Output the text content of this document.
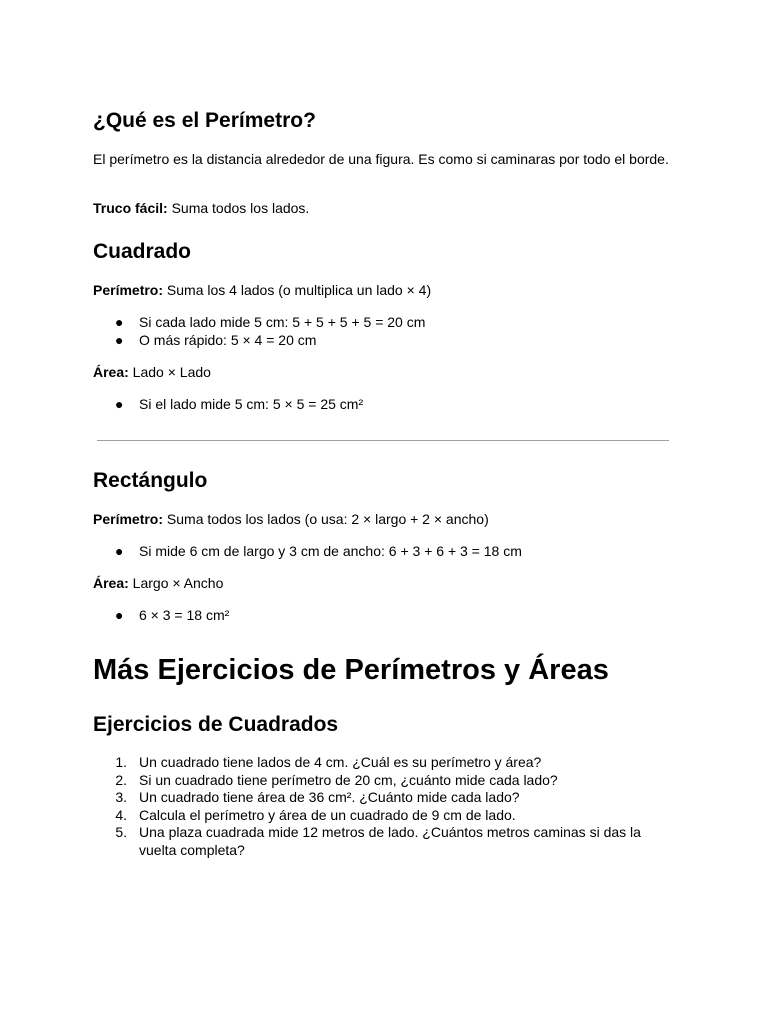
¿Qué es el Perímetro?

El perímetro es la distancia alrededor de una figura. Es como si caminaras por todo el borde.

Truco fácil: Suma todos los lados.

Cuadrado

Perímetro: Suma los 4 lados (o multiplica un lado × 4)

● Si cada lado mide 5 cm: 5 + 5 + 5 + 5 = 20 cm
● O más rápido: 5 × 4 = 20 cm

Área: Lado × Lado

● Si el lado mide 5 cm: 5 × 5 = 25 cm²
Rectángulo

Perímetro: Suma todos los lados (o usa: 2 × largo + 2 × ancho)

● Si mide 6 cm de largo y 3 cm de ancho: 6 + 3 + 6 + 3 = 18 cm

Área: Largo × Ancho

● 6 × 3 = 18 cm²
Más Ejercicios de Perímetros y Áreas
Ejercicios de Cuadrados
1. Un cuadrado tiene lados de 4 cm. ¿Cuál es su perímetro y área?
2. Si un cuadrado tiene perímetro de 20 cm, ¿cuánto mide cada lado?
3. Un cuadrado tiene área de 36 cm². ¿Cuánto mide cada lado?
4. Calcula el perímetro y área de un cuadrado de 9 cm de lado.
5. Una plaza cuadrada mide 12 metros de lado. ¿Cuántos metros caminas si das la vuelta completa?
